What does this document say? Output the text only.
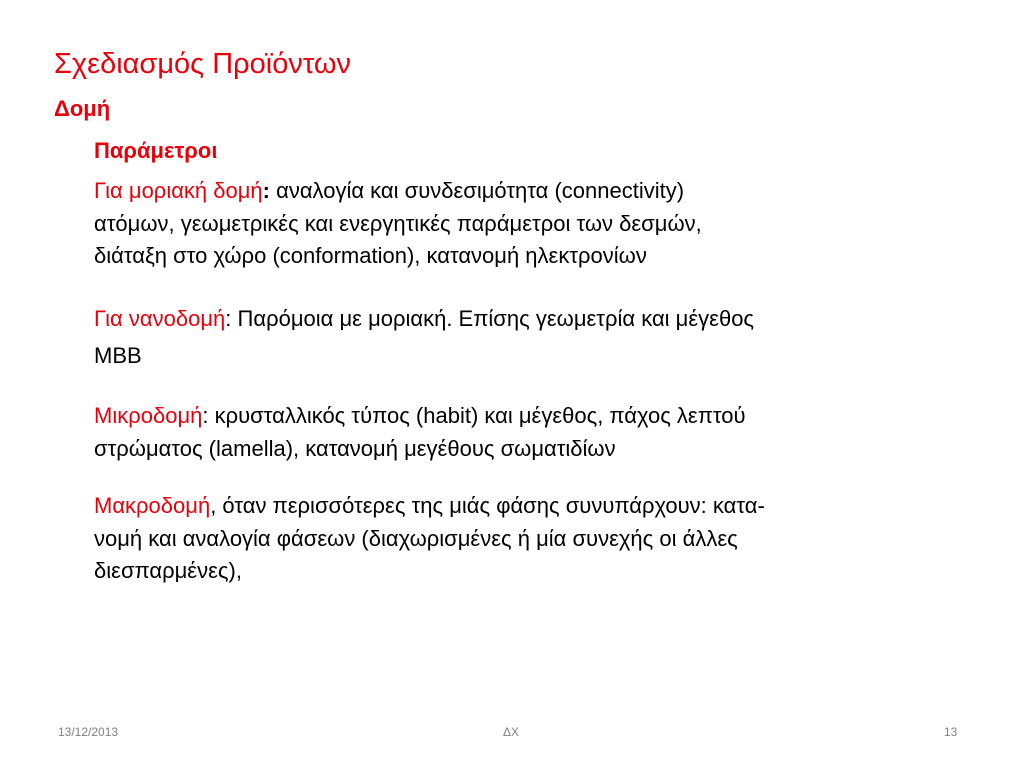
Σχεδιασμός Προϊόντων
Δομή
Παράμετροι
Για μοριακή δομή: αναλογία και συνδεσιμότητα (connectivity)
ατόμων, γεωμετρικές και ενεργητικές παράμετροι των δεσμών,
διάταξη στο χώρο (conformation), κατανομή ηλεκτρονίων
Για νανοδομή: Παρόμοια με μοριακή. Επίσης γεωμετρία και μέγεθος
MBB
Μικροδομή: κρυσταλλικός τύπος (habit) και μέγεθος, πάχος λεπτού
στρώματος (lamella), κατανομή μεγέθους σωματιδίων
Μακροδομή, όταν περισσότερες της μιάς φάσης συνυπάρχουν: κατα-
νομή και αναλογία φάσεων (διαχωρισμένες ή μία συνεχής οι άλλες
διεσπαρμένες),
13/12/2013	ΔΧ	13
